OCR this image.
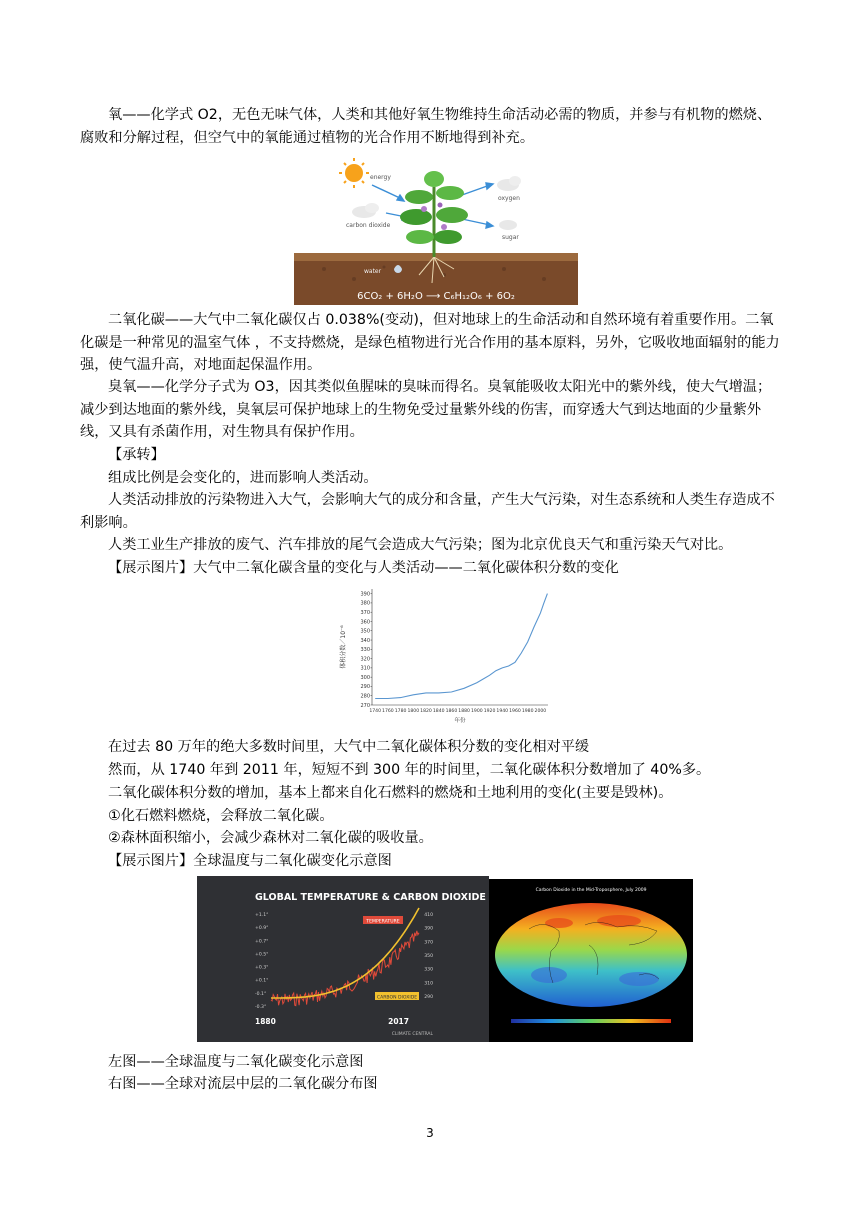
氧——化学式 O2，无色无味气体，人类和其他好氧生物维持生命活动必需的物质，并参与有机物的燃烧、腐败和分解过程，但空气中的氧能通过植物的光合作用不断地得到补充。

energy
carbon dioxide
oxygen
sugar
water
6CO₂ + 6H₂O ⟶ C₆H₁₂O₆ + 6O₂

二氧化碳——大气中二氧化碳仅占 0.038%(变动)，但对地球上的生命活动和自然环境有着重要作用。二氧化碳是一种常见的温室气体 ，不支持燃烧，是绿色植物进行光合作用的基本原料，另外，它吸收地面辐射的能力强，使气温升高，对地面起保温作用。

臭氧——化学分子式为 O3，因其类似鱼腥味的臭味而得名。臭氧能吸收太阳光中的紫外线，使大气增温；减少到达地面的紫外线，臭氧层可保护地球上的生物免受过量紫外线的伤害，而穿透大气到达地面的少量紫外线，又具有杀菌作用，对生物具有保护作用。

【承转】

组成比例是会变化的，进而影响人类活动。

人类活动排放的污染物进入大气，会影响大气的成分和含量，产生大气污染，对生态系统和人类生存造成不利影响。

人类工业生产排放的废气、汽车排放的尾气会造成大气污染；图为北京优良天气和重污染天气对比。

【展示图片】大气中二氧化碳含量的变化与人类活动——二氧化碳体积分数的变化

270
280
290
300
310
320
330
340
350
360
370
380
390
1740 1760 1780 1800 1820 1840 1860 1880 1900 1920 1940 1960 1980 2000
体积分数／10⁻⁶
年份

在过去 80 万年的绝大多数时间里，大气中二氧化碳体积分数的变化相对平缓

然而，从 1740 年到 2011 年，短短不到 300 年的时间里，二氧化碳体积分数增加了 40%多。

二氧化碳体积分数的增加，基本上都来自化石燃料的燃烧和土地利用的变化(主要是毁林)。

①化石燃料燃烧，会释放二氧化碳。

②森林面积缩小，会减少森林对二氧化碳的吸收量。

【展示图片】全球温度与二氧化碳变化示意图

GLOBAL TEMPERATURE & CARBON DIOXIDE
+1.1°
+0.9°
+0.7°
+0.5°
+0.3°
+0.1°
-0.1°
-0.3°
410
390
370
350
330
310
290
TEMPERATURE
CARBON DIOXIDE
1880	2017
CLIMATE CENTRAL
Carbon Dioxide in the Mid-Troposphere, July 2009

左图——全球温度与二氧化碳变化示意图

右图——全球对流层中层的二氧化碳分布图

3
